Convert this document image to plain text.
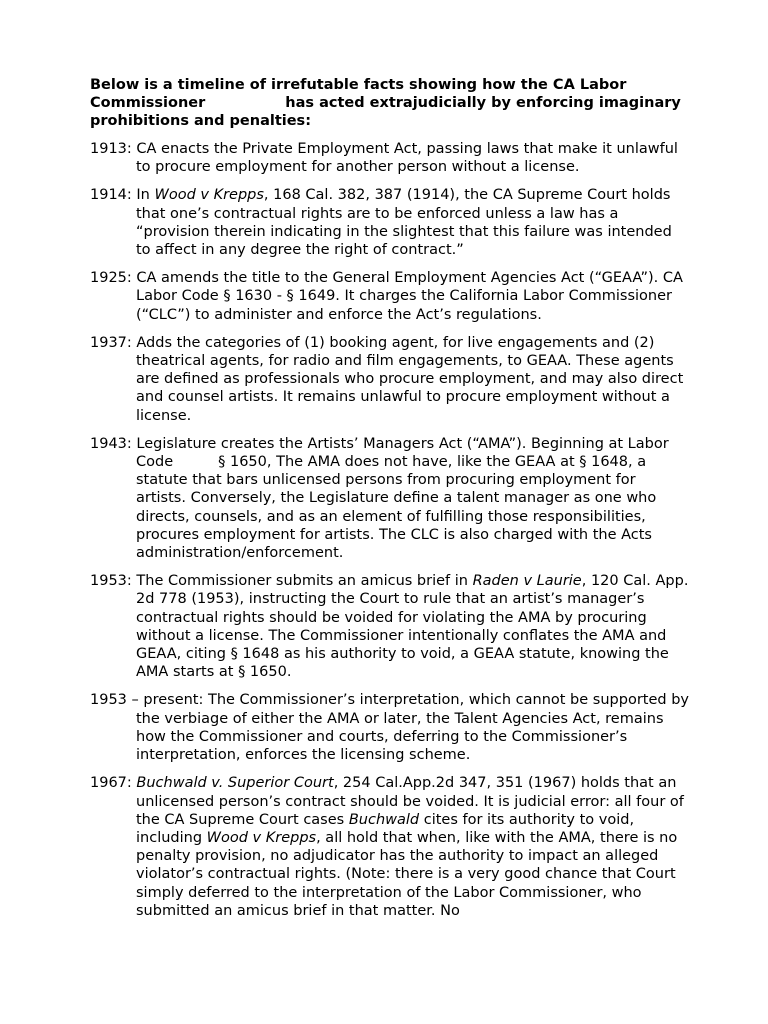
Below is a timeline of irrefutable facts showing how the CA Labor Commissioner	has acted extrajudicially by enforcing imaginary prohibitions and penalties:
1913: CA enacts the Private Employment Act, passing laws that make it unlawful to procure employment for another person without a license.
1914: In Wood v Krepps, 168 Cal. 382, 387 (1914), the CA Supreme Court holds that one’s contractual rights are to be enforced unless a law has a “provision therein indicating in the slightest that this failure was intended to affect in any degree the right of contract.”
1925: CA amends the title to the General Employment Agencies Act (“GEAA”). CA Labor Code § 1630 - § 1649. It charges the California Labor Commissioner (“CLC”) to administer and enforce the Act’s regulations.
1937: Adds the categories of (1) booking agent, for live engagements and (2) theatrical agents, for radio and film engagements, to GEAA. These agents are defined as professionals who procure employment, and may also direct and counsel artists. It remains unlawful to procure employment without a license.
1943: Legislature creates the Artists’ Managers Act (“AMA”). Beginning at Labor Code	§ 1650, The AMA does not have, like the GEAA at § 1648, a statute that bars unlicensed persons from procuring employment for artists. Conversely, the Legislature define a talent manager as one who directs, counsels, and as an element of fulfilling those responsibilities, procures employment for artists. The CLC is also charged with the Acts administration/enforcement.
1953: The Commissioner submits an amicus brief in Raden v Laurie, 120 Cal. App. 2d 778 (1953), instructing the Court to rule that an artist’s manager’s contractual rights should be voided for violating the AMA by procuring without a license. The Commissioner intentionally conflates the AMA and GEAA, citing § 1648 as his authority to void, a GEAA statute, knowing the AMA starts at § 1650.
1953 – present: The Commissioner’s interpretation, which cannot be supported by the verbiage of either the AMA or later, the Talent Agencies Act, remains how the Commissioner and courts, deferring to the Commissioner’s interpretation, enforces the licensing scheme.
1967: Buchwald v. Superior Court, 254 Cal.App.2d 347, 351 (1967) holds that an unlicensed person’s contract should be voided. It is judicial error: all four of the CA Supreme Court cases Buchwald cites for its authority to void, including Wood v Krepps, all hold that when, like with the AMA, there is no penalty provision, no adjudicator has the authority to impact an alleged violator’s contractual rights. (Note: there is a very good chance that Court simply deferred to the interpretation of the Labor Commissioner, who submitted an amicus brief in that matter. No
